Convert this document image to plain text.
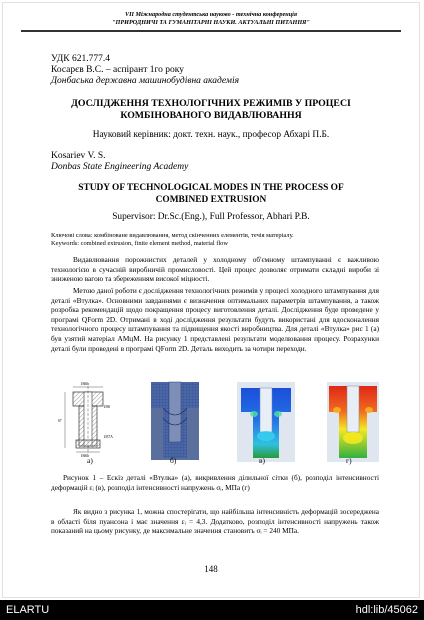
VII Міжнародна студентська науково - технічна конференція
"ПРИРОДНИЧІ ТА ГУМАНІТАРНІ НАУКИ. АКТУАЛЬНІ ПИТАННЯ"
УДК 621.777.4
Косарєв В.С. – аспірант 1го року
Донбаська державна машинобудівна академія
ДОСЛІДЖЕННЯ ТЕХНОЛОГІЧНИХ РЕЖИМІВ У ПРОЦЕСІ
КОМБІНОВАНОГО ВИДАВЛЮВАННЯ
Науковий керівник: докт. техн. наук., професор Абхарі П.Б.
Kosariev V. S.
Donbas State Engineering Academy
STUDY OF TECHNOLOGICAL MODES IN THE PROCESS OF
COMBINED EXTRUSION
Supervisor: Dr.Sc.(Eng.), Full Professor, Abhari P.B.
Ключові слова: комбіноване видавлювання, метод скінченних елементів, течія матеріалу.
Keywords: combined extrusion, finite element method, material flow

Видавлювання порожнистих деталей у холодному об'ємному штампуванні є важливою технологією в сучасній виробничій промисловості. Цей процес дозволяє отримати складні вироби зі зниженою вагою та збереженням високої міцності.

Метою даної роботи є дослідження технологічних режимів у процесі холодного штампування для деталі «Втулка». Основними завданнями є визначення оптимальних параметрів штампування, а також розробка рекомендацій щодо покращення процесу виготовлення деталі. Дослідження буде проведене у програмі QForm 2D. Отримані в ході дослідження результати будуть використані для вдосконалення технологічного процесу штампування та підвищення якості виробництва. Для деталі «Втулка» рис 1 (а) був узятий матеріал АМцМ. На рисунку 1 представлені результати моделювання процесу. Розрахунки деталі були проведені в програмі QForm 2D. Деталь виходить за чотири переходи.

Ø46h
Ø30
Ø37А
Ø46h
67
а)	б)	в)	г)
Рисунок 1 – Ескіз деталі «Втулка» (а), викривлення ділильної сітки (б), розподіл інтенсивності деформацій εᵢ (в), розподіл інтенсивності напружень σᵢ, МПа (г)

Як видно з рисунка 1, можна спостерігати, що найбільша інтенсивність деформацій зосереджена в області біля пуансона і має значення εᵢ = 4,3. Додатково, розподіл інтенсивності напружень також показаний на цьому рисунку, де максимальне значення становить σᵢ = 240 МПа.

148
ELARTU	hdl:lib/45062
